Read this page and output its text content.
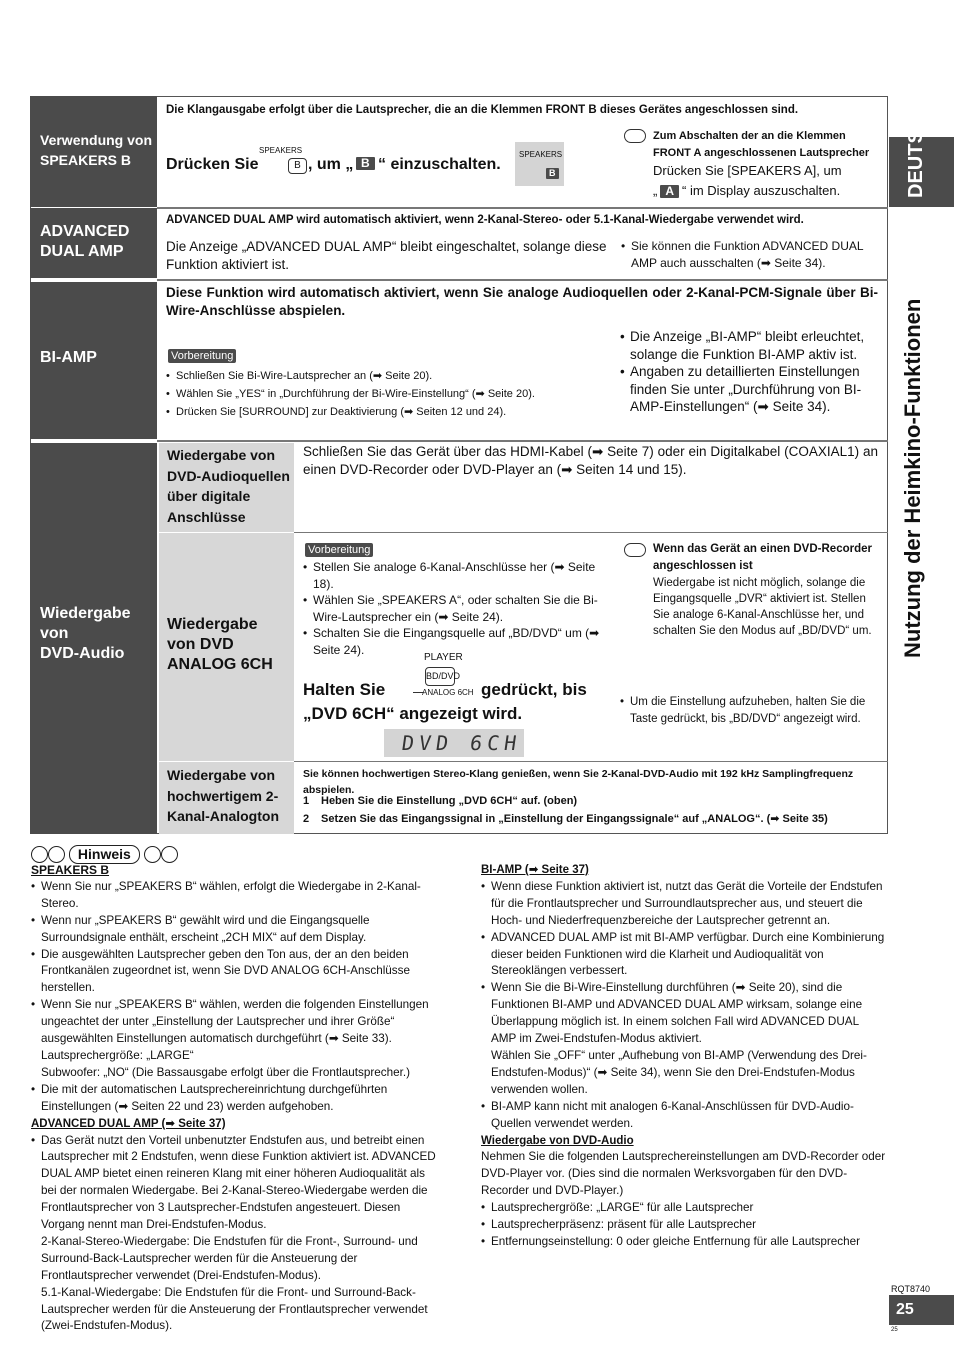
DEUTSCH
Nutzung der Heimkino-Funktionen
Verwendung von SPEAKERS B
Die Klangausgabe erfolgt über die Lautsprecher, die an die Klemmen FRONT B dieses Gerätes angeschlossen sind.
Drücken Sie
SPEAKERS
B , um „ B “ einzuschalten.
SPEAKERS
B
Zum Abschalten der an die Klemmen FRONT A angeschlossenen Lautsprecher
Drücken Sie [SPEAKERS A], um
„ A “ im Display auszuschalten.
ADVANCED
DUAL AMP
ADVANCED DUAL AMP wird automatisch aktiviert, wenn 2-Kanal-Stereo- oder 5.1-Kanal-Wiedergabe verwendet wird.
Die Anzeige „ADVANCED DUAL AMP“ bleibt eingeschaltet, solange diese Funktion aktiviert ist.
• Sie können die Funktion ADVANCED DUAL AMP auch ausschalten (➡ Seite 34).
BI-AMP
Diese Funktion wird automatisch aktiviert, wenn Sie analoge Audioquellen oder 2-Kanal-PCM-Signale über Bi-Wire-Anschlüsse abspielen.
Vorbereitung
• Schließen Sie Bi-Wire-Lautsprecher an (➡ Seite 20).
• Wählen Sie „YES“ in „Durchführung der Bi-Wire-Einstellung“ (➡ Seite 20).
• Drücken Sie [SURROUND] zur Deaktivierung (➡ Seiten 12 und 24).
• Die Anzeige „BI-AMP“ bleibt erleuchtet, solange die Funktion BI-AMP aktiv ist.
• Angaben zu detaillierten Einstellungen finden Sie unter „Durchführung von BI-AMP-Einstellungen“ (➡ Seite 34).
Wiedergabe
von
DVD-Audio
Wiedergabe von DVD-Audioquellen über digitale Anschlüsse
Schließen Sie das Gerät über das HDMI-Kabel (➡ Seite 7) oder ein Digitalkabel (COAXIAL1) an einen DVD-Recorder oder DVD-Player an (➡ Seiten 14 und 15).
Wiedergabe
von DVD
ANALOG 6CH
Vorbereitung
• Stellen Sie analoge 6-Kanal-Anschlüsse her (➡ Seite 18).
• Wählen Sie „SPEAKERS A“, oder schalten Sie die Bi-Wire-Lautsprecher ein (➡ Seite 24).
• Schalten Sie die Eingangsquelle auf „BD/DVD“ um (➡ Seite 24).
Halten Sie
PLAYER
BD/DVD
ANALOG 6CH gedrückt, bis
„DVD 6CH“ angezeigt wird.
DVD 6CH
Wenn das Gerät an einen DVD-Recorder angeschlossen ist
Wiedergabe ist nicht möglich, solange die Eingangsquelle „DVR“ aktiviert ist. Stellen Sie analoge 6-Kanal-Anschlüsse her, und schalten Sie den Modus auf „BD/DVD“ um.
• Um die Einstellung aufzuheben, halten Sie die Taste gedrückt, bis „BD/DVD“ angezeigt wird.
Wiedergabe von hochwertigem 2-Kanal-Analogton
Sie können hochwertigen Stereo-Klang genießen, wenn Sie 2-Kanal-DVD-Audio mit 192 kHz Samplingfrequenz abspielen.
1 Heben Sie die Einstellung „DVD 6CH“ auf. (oben)
2 Setzen Sie das Eingangssignal in „Einstellung der Eingangssignale“ auf „ANALOG“. (➡ Seite 35)
Hinweis
SPEAKERS B
• Wenn Sie nur „SPEAKERS B“ wählen, erfolgt die Wiedergabe in 2-Kanal-Stereo.
• Wenn nur „SPEAKERS B“ gewählt wird und die Eingangsquelle Surroundsignale enthält, erscheint „2CH MIX“ auf dem Display.
• Die ausgewählten Lautsprecher geben den Ton aus, der an den beiden Frontkanälen zugeordnet ist, wenn Sie DVD ANALOG 6CH-Anschlüsse herstellen.
• Wenn Sie nur „SPEAKERS B“ wählen, werden die folgenden Einstellungen ungeachtet der unter „Einstellung der Lautsprecher und ihrer Größe“ ausgewählten Einstellungen automatisch durchgeführt (➡ Seite 33).
Lautsprechergröße: „LARGE“
Subwoofer: „NO“ (Die Bassausgabe erfolgt über die Frontlautsprecher.)
• Die mit der automatischen Lautsprechereinrichtung durchgeführten Einstellungen (➡ Seiten 22 und 23) werden aufgehoben.
ADVANCED DUAL AMP (➡ Seite 37)
• Das Gerät nutzt den Vorteil unbenutzter Endstufen aus, und betreibt einen Lautsprecher mit 2 Endstufen, wenn diese Funktion aktiviert ist. ADVANCED DUAL AMP bietet einen reineren Klang mit einer höheren Audioqualität als bei der normalen Wiedergabe. Bei 2-Kanal-Stereo-Wiedergabe werden die Frontlautsprecher von 3 Lautsprecher-Endstufen angesteuert. Diesen Vorgang nennt man Drei-Endstufen-Modus.
2-Kanal-Stereo-Wiedergabe: Die Endstufen für die Front-, Surround- und Surround-Back-Lautsprecher werden für die Ansteuerung der Frontlautsprecher verwendet (Drei-Endstufen-Modus).
5.1-Kanal-Wiedergabe: Die Endstufen für die Front- und Surround-Back-Lautsprecher werden für die Ansteuerung der Frontlautsprecher verwendet (Zwei-Endstufen-Modus).
BI-AMP (➡ Seite 37)
• Wenn diese Funktion aktiviert ist, nutzt das Gerät die Vorteile der Endstufen für die Frontlautsprecher und Surroundlautsprecher aus, und steuert die Hoch- und Niederfrequenzbereiche der Lautsprecher getrennt an.
• ADVANCED DUAL AMP ist mit BI-AMP verfügbar. Durch eine Kombinierung dieser beiden Funktionen wird die Klarheit und Audioqualität von Stereoklängen verbessert.
• Wenn Sie die Bi-Wire-Einstellung durchführen (➡ Seite 20), sind die Funktionen BI-AMP und ADVANCED DUAL AMP wirksam, solange eine Überlappung möglich ist. In einem solchen Fall wird ADVANCED DUAL AMP im Zwei-Endstufen-Modus aktiviert.
Wählen Sie „OFF“ unter „Aufhebung von BI-AMP (Verwendung des Drei-Endstufen-Modus)“ (➡ Seite 34), wenn Sie den Drei-Endstufen-Modus verwenden wollen.
• BI-AMP kann nicht mit analogen 6-Kanal-Anschlüssen für DVD-Audio-Quellen verwendet werden.
Wiedergabe von DVD-Audio
Nehmen Sie die folgenden Lautsprechereinstellungen am DVD-Recorder oder DVD-Player vor. (Dies sind die normalen Werksvorgaben für den DVD-Recorder und DVD-Player.)
• Lautsprechergröße: „LARGE“ für alle Lautsprecher
• Lautsprecherpräsenz: präsent für alle Lautsprecher
• Entfernungseinstellung: 0 oder gleiche Entfernung für alle Lautsprecher
RQT8740
25
25
